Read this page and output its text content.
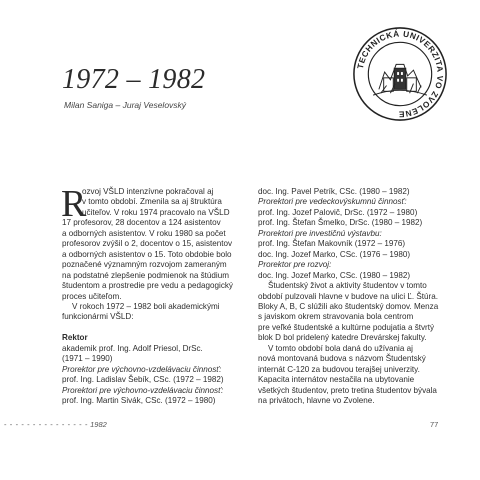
1972 – 1982
Milan Saniga – Juraj Veselovský
TECHNICKÁ UNIVERZITA VO ZVOLENE
R
ozvoj VŠLD intenzívne pokračoval aj
v tomto období. Zmenila sa aj štruktúra
učiteľov. V roku 1974 pracovalo na VŠLD
17 profesorov, 28 docentov a 124 asistentov
a odborných asistentov. V roku 1980 sa počet
profesorov zvýšil o 2, docentov o 15, asistentov
a odborných asistentov o 15. Toto obdobie bolo
poznačené významným rozvojom zameraným
na podstatné zlepšenie podmienok na štúdium
študentom a prostredie pre vedu a pedagogický
proces učiteľom.
V rokoch 1972 – 1982 boli akademickými
funkcionármi VŠLD:
Rektor
akademik prof. Ing. Adolf Priesol, DrSc.
(1971 – 1990)
Prorektor pre výchovno-vzdelávaciu činnosť:
prof. Ing. Ladislav Šebík, CSc. (1972 – 1982)
Prorektori pre výchovno-vzdelávaciu činnosť:
prof. Ing. Martin Sivák, CSc. (1972 – 1980)
doc. Ing. Pavel Petrík, CSc. (1980 – 1982)
Prorektori pre vedeckovýskumnú činnosť:
prof. Ing. Jozef Palovič, DrSc. (1972 – 1980)
prof. Ing. Štefan Šmelko, DrSc. (1980 – 1982)
Prorektori pre investičnú výstavbu:
prof. Ing. Štefan Makovník (1972 – 1976)
doc. Ing. Jozef Marko, CSc. (1976 – 1980)
Prorektor pre rozvoj:
doc. Ing. Jozef Marko, CSc. (1980 – 1982)
Študentský život a aktivity študentov v tomto
období pulzovali hlavne v budove na ulici Ľ. Štúra.
Bloky A, B, C slúžili ako študentský domov. Menza
s javiskom okrem stravovania bola centrom
pre veľké študentské a kultúrne podujatia a štvrtý
blok D bol pridelený katedre Drevárskej fakulty.
V tomto období bola daná do užívania aj
nová montovaná budova s názvom Študentský
internát C-120 za budovou terajšej univerzity.
Kapacita internátov nestačila na ubytovanie
všetkých študentov, preto tretina študentov bývala
na privátoch, hlavne vo Zvolene.
- - - - - - - - - - - - - - - 1982	77
